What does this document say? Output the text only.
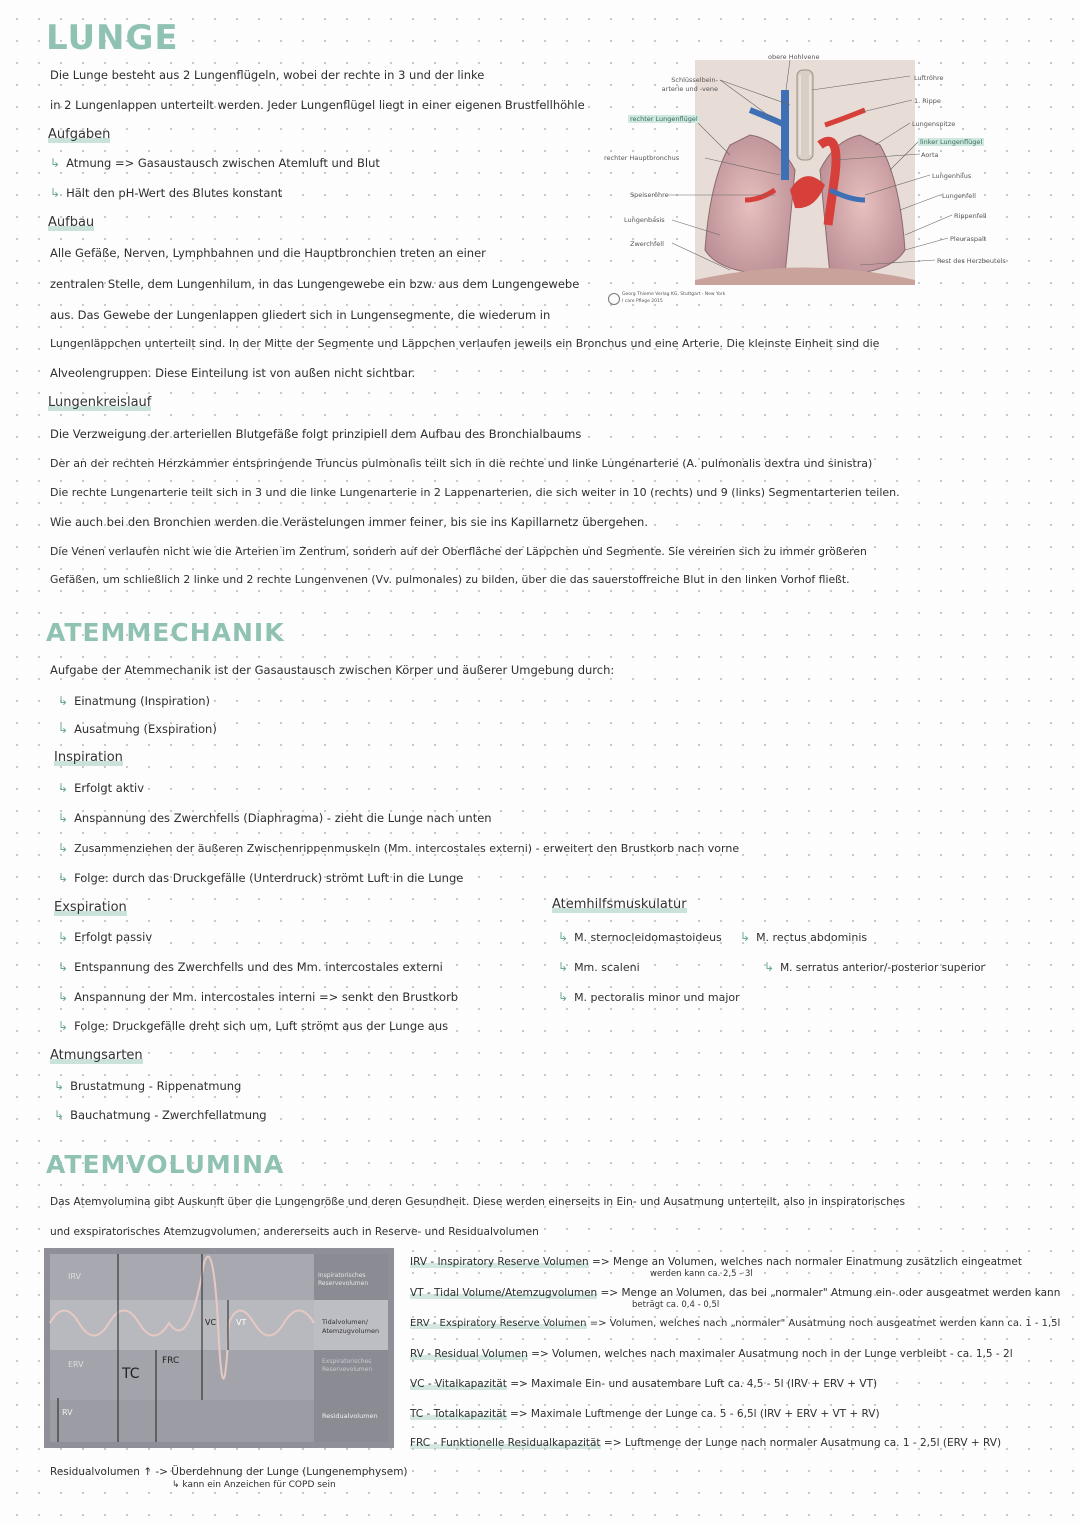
LUNGE
Die Lunge besteht aus 2 Lungenflügeln, wobei der rechte in 3 und der linke
in 2 Lungenlappen unterteilt werden. Jeder Lungenflügel liegt in einer eigenen Brustfellhöhle
Aufgaben
↳ Atmung => Gasaustausch zwischen Atemluft und Blut
↳ Hält den pH-Wert des Blutes konstant
Aufbau
Alle Gefäße, Nerven, Lymphbahnen und die Hauptbronchien treten an einer
zentralen Stelle, dem Lungenhilum, in das Lungengewebe ein bzw. aus dem Lungengewebe
aus. Das Gewebe der Lungenlappen gliedert sich in Lungensegmente, die wiederum in
Lungenläppchen unterteilt sind. In der Mitte der Segmente und Läppchen verlaufen jeweils ein Bronchus und eine Arterie. Die kleinste Einheit sind die
Alveolengruppen. Diese Einteilung ist von außen nicht sichtbar.
Lungenkreislauf
Die Verzweigung der arteriellen Blutgefäße folgt prinzipiell dem Aufbau des Bronchialbaums
Der an der rechten Herzkammer entspringende Truncus pulmonalis teilt sich in die rechte und linke Lungenarterie (A. pulmonalis dextra und sinistra)
Die rechte Lungenarterie teilt sich in 3 und die linke Lungenarterie in 2 Lappenarterien, die sich weiter in 10 (rechts) und 9 (links) Segmentarterien teilen.
Wie auch bei den Bronchien werden die Verästelungen immer feiner, bis sie ins Kapillarnetz übergehen.
Die Venen verlaufen nicht wie die Arterien im Zentrum, sondern auf der Oberfläche der Läppchen und Segmente. Sie vereinen sich zu immer größeren
Gefäßen, um schließlich 2 linke und 2 rechte Lungenvenen (Vv. pulmonales) zu bilden, über die das sauerstoffreiche Blut in den linken Vorhof fließt.
Schlüsselbein-
arterie und -vene
rechter Lungenflügel
rechter Hauptbronchus
Speiseröhre
Lungenbasis
Zwerchfell
obere Hohlvene
Luftröhre
1. Rippe
Lungenspitze
linker Lungenflügel
Aorta
Lungenhilus
Lungenfell
Rippenfell
Pleuraspalt
Rest des Herzbeutels
Georg Thieme Verlag KG, Stuttgart · New York
I care Pflege 2015
ATEMMECHANIK
Aufgabe der Atemmechanik ist der Gasaustausch zwischen Körper und äußerer Umgebung durch:
↳ Einatmung (Inspiration)
↳ Ausatmung (Exspiration)
Inspiration
↳ Erfolgt aktiv
↳ Anspannung des Zwerchfells (Diaphragma) - zieht die Lunge nach unten
↳ Zusammenziehen der äußeren Zwischenrippenmuskeln (Mm. intercostales externi) - erweitert den Brustkorb nach vorne
↳ Folge: durch das Druckgefälle (Unterdruck) strömt Luft in die Lunge
Exspiration
↳ Erfolgt passiv
↳ Entspannung des Zwerchfells und des Mm. intercostales externi
↳ Anspannung der Mm. intercostales interni => senkt den Brustkorb
↳ Folge: Druckgefälle dreht sich um, Luft strömt aus der Lunge aus
Atemhilfsmuskulatur
↳ M. sternocleidomastoideus
↳ Mm. scaleni
↳ M. pectoralis minor und major
↳ M. rectus abdominis
↳ M. serratus anterior/-posterior superior
Atmungsarten
↳ Brustatmung - Rippenatmung
↳ Bauchatmung - Zwerchfellatmung
ATEMVOLUMINA
Das Atemvolumina gibt Auskunft über die Lungengröße und deren Gesundheit. Diese werden einerseits in Ein- und Ausatmung unterteilt, also in inspiratorisches
und exspiratorisches Atemzugvolumen, andererseits auch in Reserve- und Residualvolumen
IRV
ERV
RV
TC
FRC
VC VT
Inspiratorisches
Reservevolumen
Tidalvolumen/
Atemzugvolumen
Exspiratorisches
Reservevolumen
Residualvolumen
IRV - Inspiratory Reserve Volumen => Menge an Volumen, welches nach normaler Einatmung zusätzlich eingeatmet
werden kann ca. 2,5 - 3l
VT - Tidal Volume/Atemzugvolumen => Menge an Volumen, das bei „normaler" Atmung ein- oder ausgeatmet werden kann
beträgt ca. 0,4 - 0,5l
ERV - Exspiratory Reserve Volumen => Volumen, welches nach „normaler" Ausatmung noch ausgeatmet werden kann ca. 1 - 1,5l
RV - Residual Volumen => Volumen, welches nach maximaler Ausatmung noch in der Lunge verbleibt - ca. 1,5 - 2l
VC - Vitalkapazität => Maximale Ein- und ausatembare Luft ca. 4,5 - 5l (IRV + ERV + VT)
TC - Totalkapazität => Maximale Luftmenge der Lunge ca. 5 - 6,5l (IRV + ERV + VT + RV)
FRC - Funktionelle Residualkapazität => Luftmenge der Lunge nach normaler Ausatmung ca. 1 - 2,5l (ERV + RV)
Residualvolumen ↑ -> Überdehnung der Lunge (Lungenemphysem)
↳ kann ein Anzeichen für COPD sein
